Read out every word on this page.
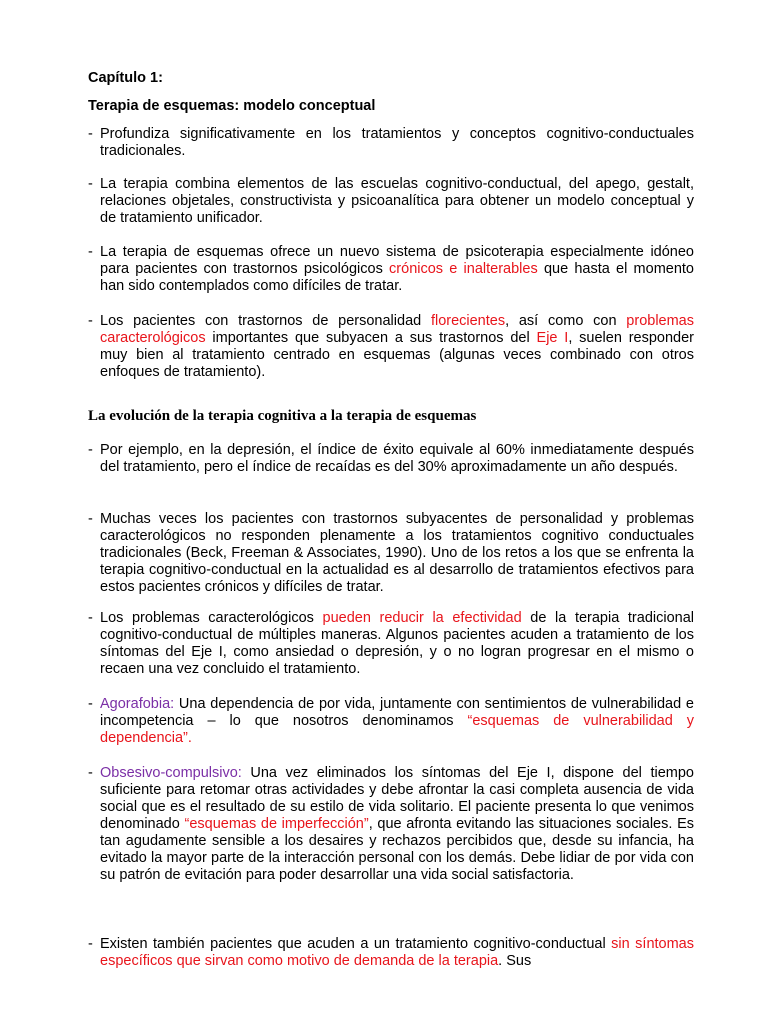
Capítulo 1:

Terapia de esquemas: modelo conceptual

- Profundiza significativamente en los tratamientos y conceptos cognitivo-conductuales tradicionales.
- La terapia combina elementos de las escuelas cognitivo-conductual, del apego, gestalt, relaciones objetales, constructivista y psicoanalítica para obtener un modelo conceptual y de tratamiento unificador.
- La terapia de esquemas ofrece un nuevo sistema de psicoterapia especialmente idóneo para pacientes con trastornos psicológicos crónicos e inalterables que hasta el momento han sido contemplados como difíciles de tratar.
- Los pacientes con trastornos de personalidad florecientes, así como con problemas caracterológicos importantes que subyacen a sus trastornos del Eje I, suelen responder muy bien al tratamiento centrado en esquemas (algunas veces combinado con otros enfoques de tratamiento).

La evolución de la terapia cognitiva a la terapia de esquemas

- Por ejemplo, en la depresión, el índice de éxito equivale al 60% inmediatamente después del tratamiento, pero el índice de recaídas es del 30% aproximadamente un año después.
- Muchas veces los pacientes con trastornos subyacentes de personalidad y problemas caracterológicos no responden plenamente a los tratamientos cognitivo conductuales tradicionales (Beck, Freeman & Associates, 1990). Uno de los retos a los que se enfrenta la terapia cognitivo-conductual en la actualidad es al desarrollo de tratamientos efectivos para estos pacientes crónicos y difíciles de tratar.
- Los problemas caracterológicos pueden reducir la efectividad de la terapia tradicional cognitivo-conductual de múltiples maneras. Algunos pacientes acuden a tratamiento de los síntomas del Eje I, como ansiedad o depresión, y o no logran progresar en el mismo o recaen una vez concluido el tratamiento.
- Agorafobia: Una dependencia de por vida, juntamente con sentimientos de vulnerabilidad e incompetencia – lo que nosotros denominamos “esquemas de vulnerabilidad y dependencia”.
- Obsesivo-compulsivo: Una vez eliminados los síntomas del Eje I, dispone del tiempo suficiente para retomar otras actividades y debe afrontar la casi completa ausencia de vida social que es el resultado de su estilo de vida solitario. El paciente presenta lo que venimos denominado “esquemas de imperfección”, que afronta evitando las situaciones sociales. Es tan agudamente sensible a los desaires y rechazos percibidos que, desde su infancia, ha evitado la mayor parte de la interacción personal con los demás. Debe lidiar de por vida con su patrón de evitación para poder desarrollar una vida social satisfactoria.
- Existen también pacientes que acuden a un tratamiento cognitivo-conductual sin síntomas específicos que sirvan como motivo de demanda de la terapia. Sus
